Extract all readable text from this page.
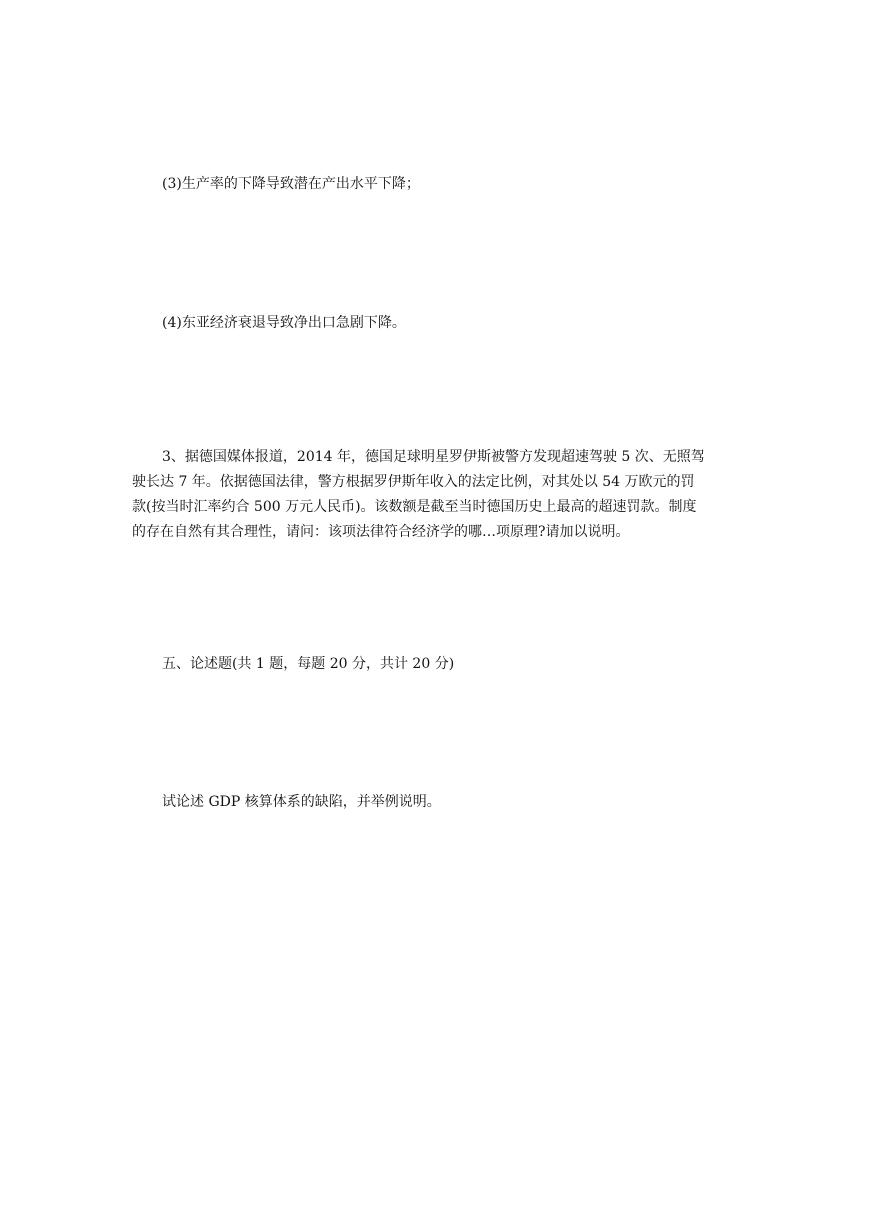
(3)生产率的下降导致潜在产出水平下降；
(4)东亚经济衰退导致净出口急剧下降。
3、据德国媒体报道，2014 年，德国足球明星罗伊斯被警方发现超速驾驶 5 次、无照驾
驶长达 7 年。依据德国法律，警方根据罗伊斯年收入的法定比例，对其处以 54 万欧元的罚
款(按当时汇率约合 500 万元人民币)。该数额是截至当时德国历史上最高的超速罚款。制度
的存在自然有其合理性，请问：该项法律符合经济学的哪…项原理?请加以说明。
五、论述题(共 1 题，每题 20 分，共计 20 分)
试论述 GDP 核算体系的缺陷，并举例说明。
